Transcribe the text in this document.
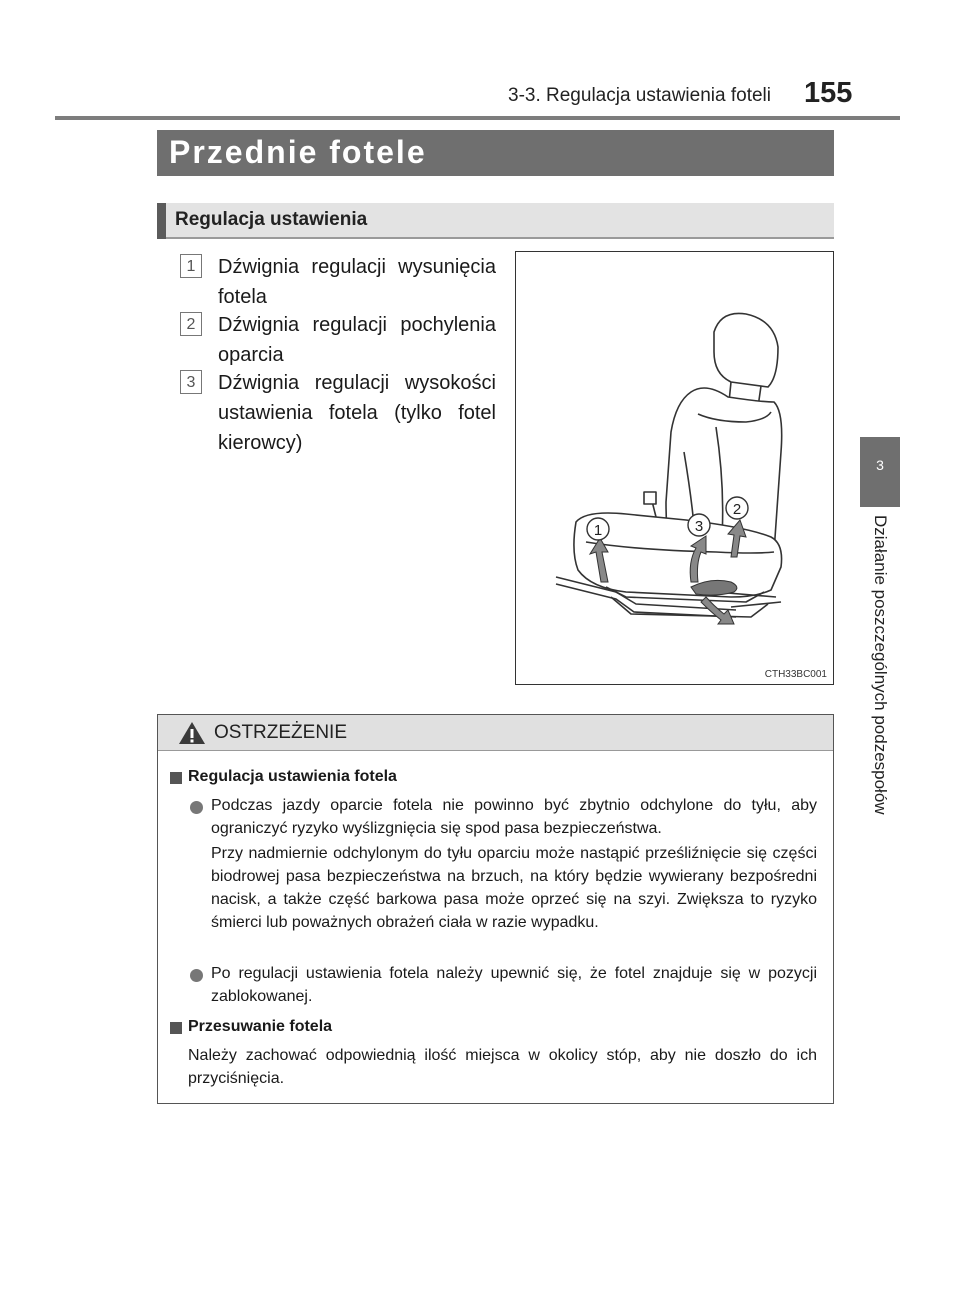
3-3. Regulacja ustawienia foteli 155
3
Działanie poszczególnych podzespołów
Przednie fotele
Regulacja ustawienia
1	Dźwignia regulacji wysunięcia fotela
2	Dźwignia regulacji pochylenia oparcia
3	Dźwignia regulacji wysokości ustawienia fotela (tylko fotel kierowcy)
1	3
2
CTH33BC001
OSTRZEŻENIE
Regulacja ustawienia fotela
Podczas jazdy oparcie fotela nie powinno być zbytnio odchylone do tyłu, aby ograniczyć ryzyko wyślizgnięcia się spod pasa bezpieczeństwa.
Przy nadmiernie odchylonym do tyłu oparciu może nastąpić prześliźnięcie się części biodrowej pasa bezpieczeństwa na brzuch, na który będzie wywierany bezpośredni nacisk, a także część barkowa pasa może oprzeć się na szyi. Zwiększa to ryzyko śmierci lub poważnych obrażeń ciała w razie wypadku.
Po regulacji ustawienia fotela należy upewnić się, że fotel znajduje się w pozycji zablokowanej.
Przesuwanie fotela
Należy zachować odpowiednią ilość miejsca w okolicy stóp, aby nie doszło do ich przyciśnięcia.
